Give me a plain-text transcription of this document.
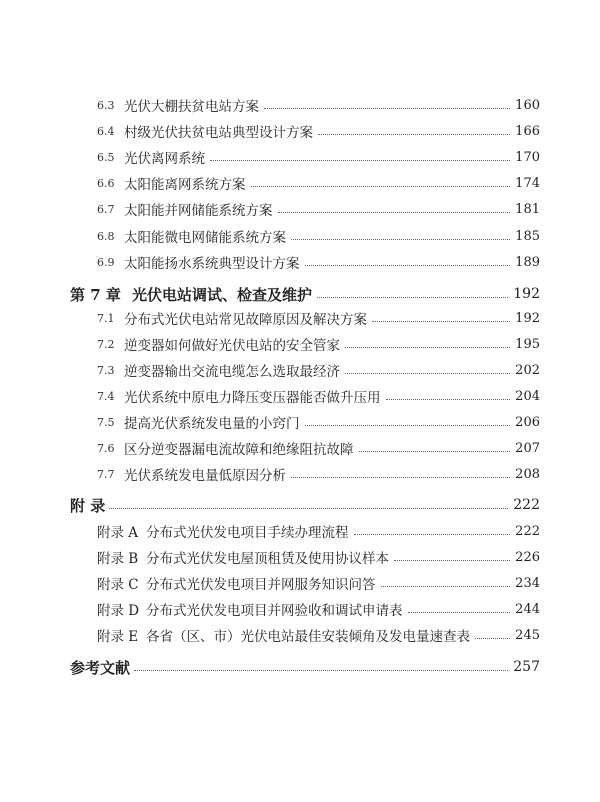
6.3 光伏大棚扶贫电站方案	160
6.4 村级光伏扶贫电站典型设计方案	166
6.5 光伏离网系统	170
6.6 太阳能离网系统方案	174
6.7 太阳能并网储能系统方案	181
6.8 太阳能微电网储能系统方案	185
6.9 太阳能扬水系统典型设计方案	189
第 7 章 光伏电站调试、检查及维护	192
7.1 分布式光伏电站常见故障原因及解决方案	192
7.2 逆变器如何做好光伏电站的安全管家	195
7.3 逆变器输出交流电缆怎么选取最经济	202
7.4 光伏系统中原电力降压变压器能否做升压用	204
7.5 提高光伏系统发电量的小窍门	206
7.6 区分逆变器漏电流故障和绝缘阻抗故障	207
7.7 光伏系统发电量低原因分析	208
附 录	222
附录 A 分布式光伏发电项目手续办理流程	222
附录 B 分布式光伏发电屋顶租赁及使用协议样本	226
附录 C 分布式光伏发电项目并网服务知识问答	234
附录 D 分布式光伏发电项目并网验收和调试申请表	244
附录 E 各省（区、市）光伏电站最佳安装倾角及发电量速查表	245
参考文献	257
